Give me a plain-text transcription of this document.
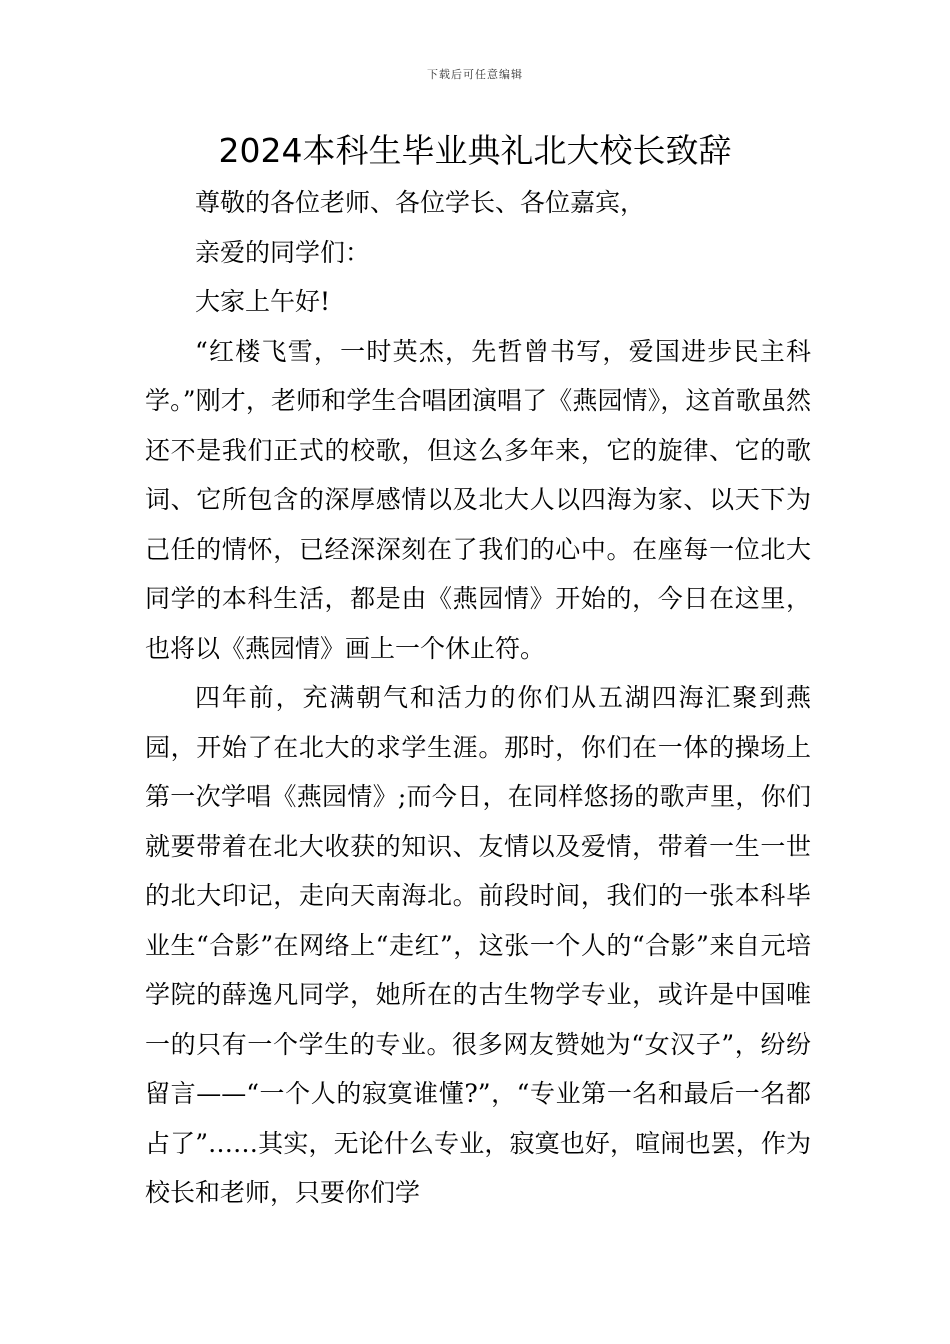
下载后可任意编辑
2024本科生毕业典礼北大校长致辞

尊敬的各位老师、各位学长、各位嘉宾，

亲爱的同学们：

大家上午好!

“红楼飞雪，一时英杰，先哲曾书写，爱国进步民主科学。”刚才，老师和学生合唱团演唱了《燕园情》，这首歌虽然还不是我们正式的校歌，但这么多年来，它的旋律、它的歌词、它所包含的深厚感情以及北大人以四海为家、以天下为己任的情怀，已经深深刻在了我们的心中。在座每一位北大同学的本科生活，都是由《燕园情》开始的，今日在这里，也将以《燕园情》画上一个休止符。

四年前，充满朝气和活力的你们从五湖四海汇聚到燕园，开始了在北大的求学生涯。那时，你们在一体的操场上第一次学唱《燕园情》;而今日，在同样悠扬的歌声里，你们就要带着在北大收获的知识、友情以及爱情，带着一生一世的北大印记，走向天南海北。前段时间，我们的一张本科毕业生“合影”在网络上“走红”，这张一个人的“合影”来自元培学院的薛逸凡同学，她所在的古生物学专业，或许是中国唯一的只有一个学生的专业。很多网友赞她为“女汉子”，纷纷留言——“一个人的寂寞谁懂?”，“专业第一名和最后一名都占了”……其实，无论什么专业，寂寞也好，喧闹也罢，作为校长和老师，只要你们学
